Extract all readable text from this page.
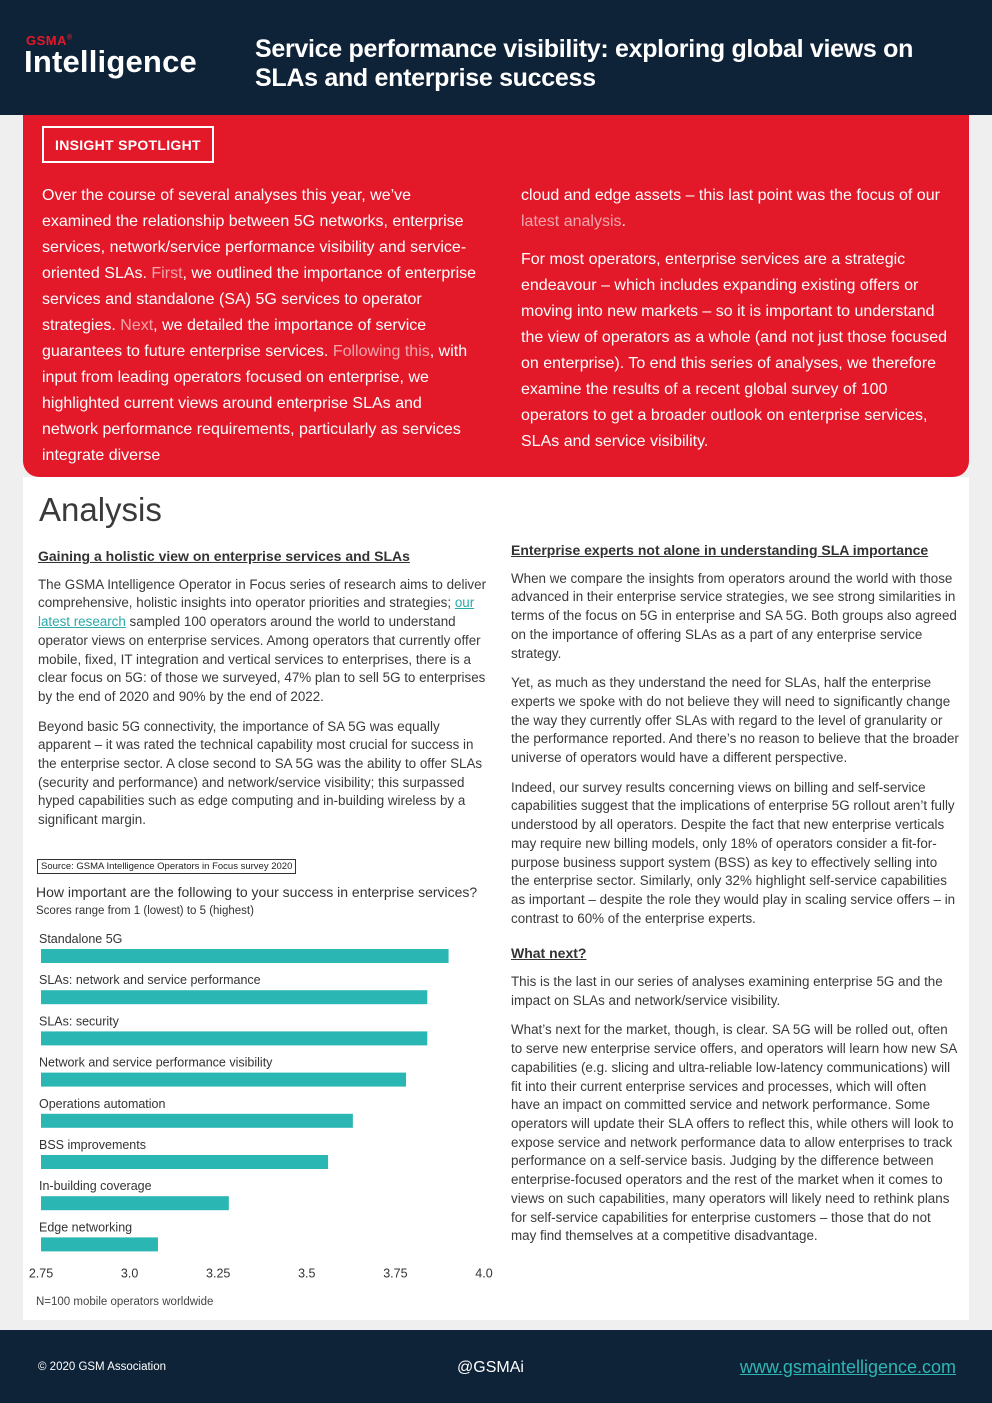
GSMA®
Intelligence Service performance visibility: exploring global views on SLAs and enterprise success
INSIGHT SPOTLIGHT

Over the course of several analyses this year, we’ve examined the relationship between 5G networks, enterprise services, network/service performance visibility and service-oriented SLAs. First, we outlined the importance of enterprise services and standalone (SA) 5G services to operator strategies. Next, we detailed the importance of service guarantees to future enterprise services. Following this, with input from leading operators focused on enterprise, we highlighted current views around enterprise SLAs and network performance requirements, particularly as services integrate diverse

cloud and edge assets – this last point was the focus of our latest analysis.

For most operators, enterprise services are a strategic endeavour – which includes expanding existing offers or moving into new markets – so it is important to understand the view of operators as a whole (and not just those focused on enterprise). To end this series of analyses, we therefore examine the results of a recent global survey of 100 operators to get a broader outlook on enterprise services, SLAs and service visibility.

Analysis
Gaining a holistic view on enterprise services and SLAs

The GSMA Intelligence Operator in Focus series of research aims to deliver comprehensive, holistic insights into operator priorities and strategies; our latest research sampled 100 operators around the world to understand operator views on enterprise services. Among operators that currently offer mobile, fixed, IT integration and vertical services to enterprises, there is a clear focus on 5G: of those we surveyed, 47% plan to sell 5G to enterprises by the end of 2020 and 90% by the end of 2022.

Beyond basic 5G connectivity, the importance of SA 5G was equally apparent – it was rated the technical capability most crucial for success in the enterprise sector. A close second to SA 5G was the ability to offer SLAs (security and performance) and network/service visibility; this surpassed hyped capabilities such as edge computing and in-building wireless by a significant margin.

Source: GSMA Intelligence Operators in Focus survey 2020
How important are the following to your success in enterprise services?
Scores range from 1 (lowest) to 5 (highest)
Standalone 5G
SLAs: network and service performance
SLAs: security
Network and service performance visibility
Operations automation
BSS improvements
In-building coverage
Edge networking
2.75	3.0	3.25	3.5	3.75	4.0
N=100 mobile operators worldwide
Enterprise experts not alone in understanding SLA importance

When we compare the insights from operators around the world with those advanced in their enterprise service strategies, we see strong similarities in terms of the focus on 5G in enterprise and SA 5G. Both groups also agreed on the importance of offering SLAs as a part of any enterprise service strategy.

Yet, as much as they understand the need for SLAs, half the enterprise experts we spoke with do not believe they will need to significantly change the way they currently offer SLAs with regard to the level of granularity or the performance reported. And there’s no reason to believe that the broader universe of operators would have a different perspective.

Indeed, our survey results concerning views on billing and self-service capabilities suggest that the implications of enterprise 5G rollout aren’t fully understood by all operators. Despite the fact that new enterprise verticals may require new billing models, only 18% of operators consider a fit-for-purpose business support system (BSS) as key to effectively selling into the enterprise sector. Similarly, only 32% highlight self-service capabilities as important – despite the role they would play in scaling service offers – in contrast to 60% of the enterprise experts.

What next?

This is the last in our series of analyses examining enterprise 5G and the impact on SLAs and network/service visibility.

What’s next for the market, though, is clear. SA 5G will be rolled out, often to serve new enterprise service offers, and operators will learn how new SA capabilities (e.g. slicing and ultra-reliable low-latency communications) will fit into their current enterprise services and processes, which will often have an impact on committed service and network performance. Some operators will update their SLA offers to reflect this, while others will look to expose service and network performance data to allow enterprises to track performance on a self-service basis. Judging by the difference between enterprise-focused operators and the rest of the market when it comes to views on such capabilities, many operators will likely need to rethink plans for self-service capabilities for enterprise customers – those that do not may find themselves at a competitive disadvantage.

© 2020 GSM Association	@GSMAi	www.gsmaintelligence.com
